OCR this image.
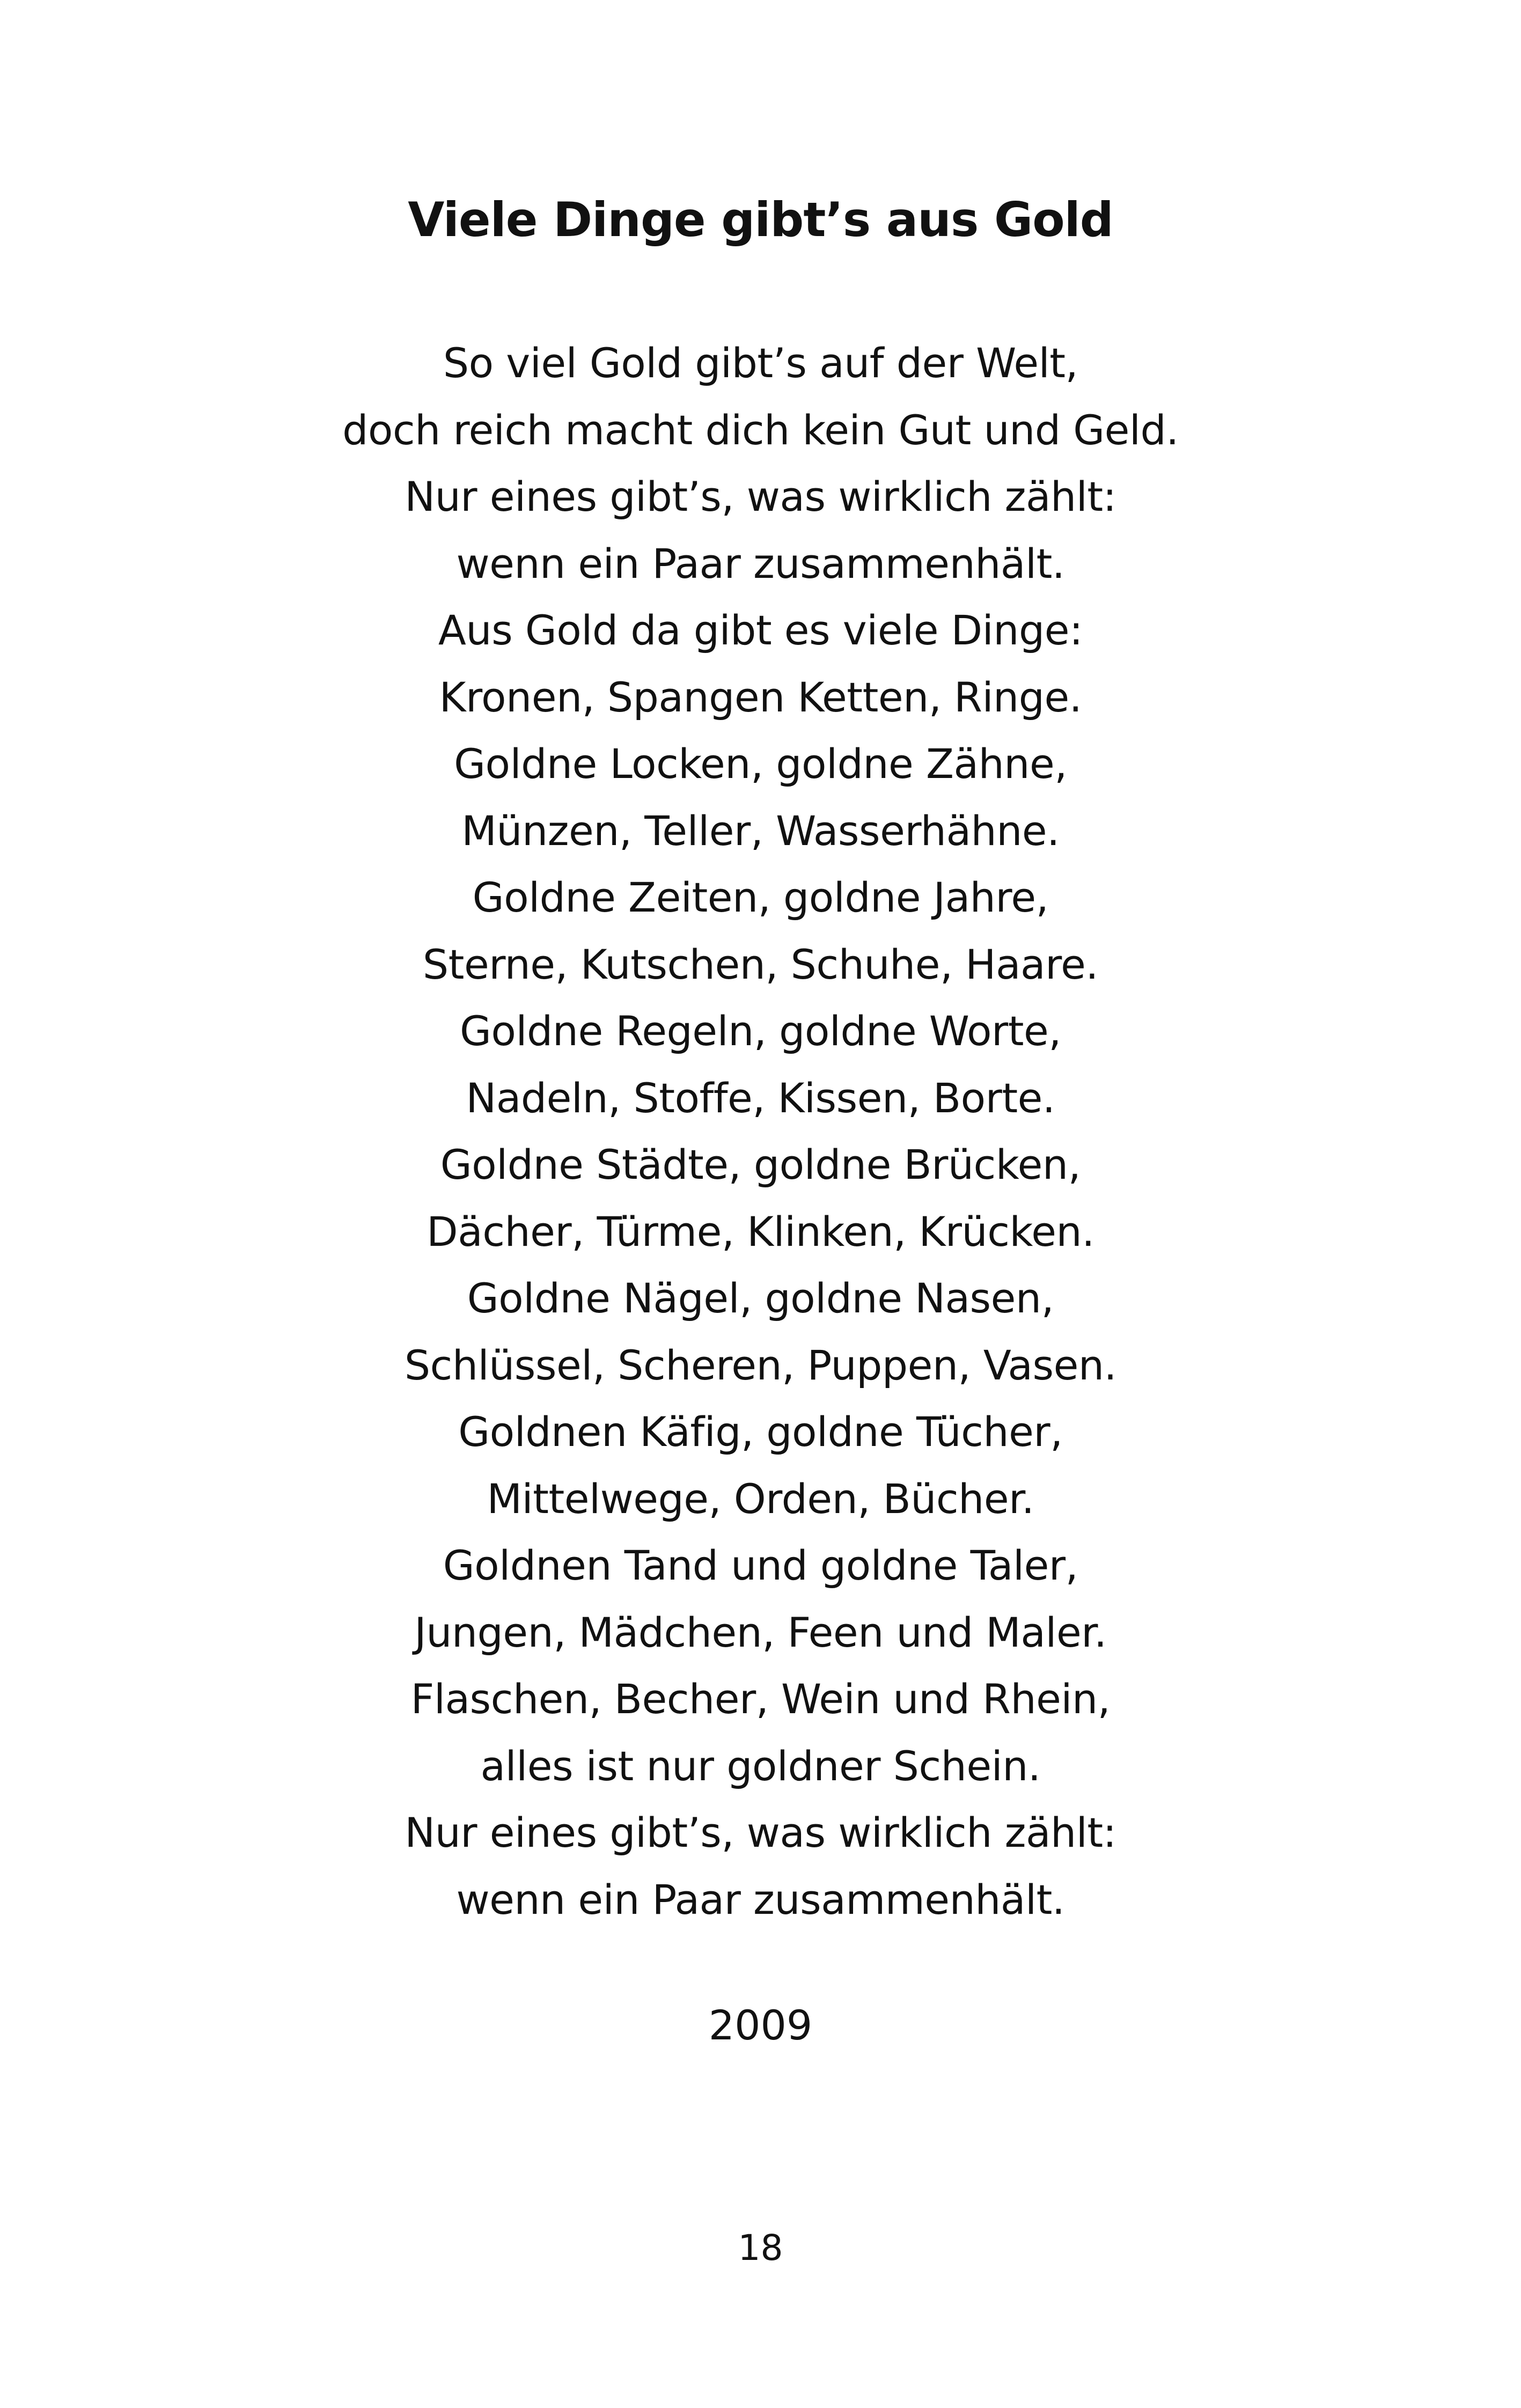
Viele Dinge gibt’s aus Gold
So viel Gold gibt’s auf der Welt,
doch reich macht dich kein Gut und Geld.
Nur eines gibt’s, was wirklich zählt:
wenn ein Paar zusammenhält.
Aus Gold da gibt es viele Dinge:
Kronen, Spangen Ketten, Ringe.
Goldne Locken, goldne Zähne,
Münzen, Teller, Wasserhähne.
Goldne Zeiten, goldne Jahre,
Sterne, Kutschen, Schuhe, Haare.
Goldne Regeln, goldne Worte,
Nadeln, Stoffe, Kissen, Borte.
Goldne Städte, goldne Brücken,
Dächer, Türme, Klinken, Krücken.
Goldne Nägel, goldne Nasen,
Schlüssel, Scheren, Puppen, Vasen.
Goldnen Käfig, goldne Tücher,
Mittelwege, Orden, Bücher.
Goldnen Tand und goldne Taler,
Jungen, Mädchen, Feen und Maler.
Flaschen, Becher, Wein und Rhein,
alles ist nur goldner Schein.
Nur eines gibt’s, was wirklich zählt:
wenn ein Paar zusammenhält.
2009
18
